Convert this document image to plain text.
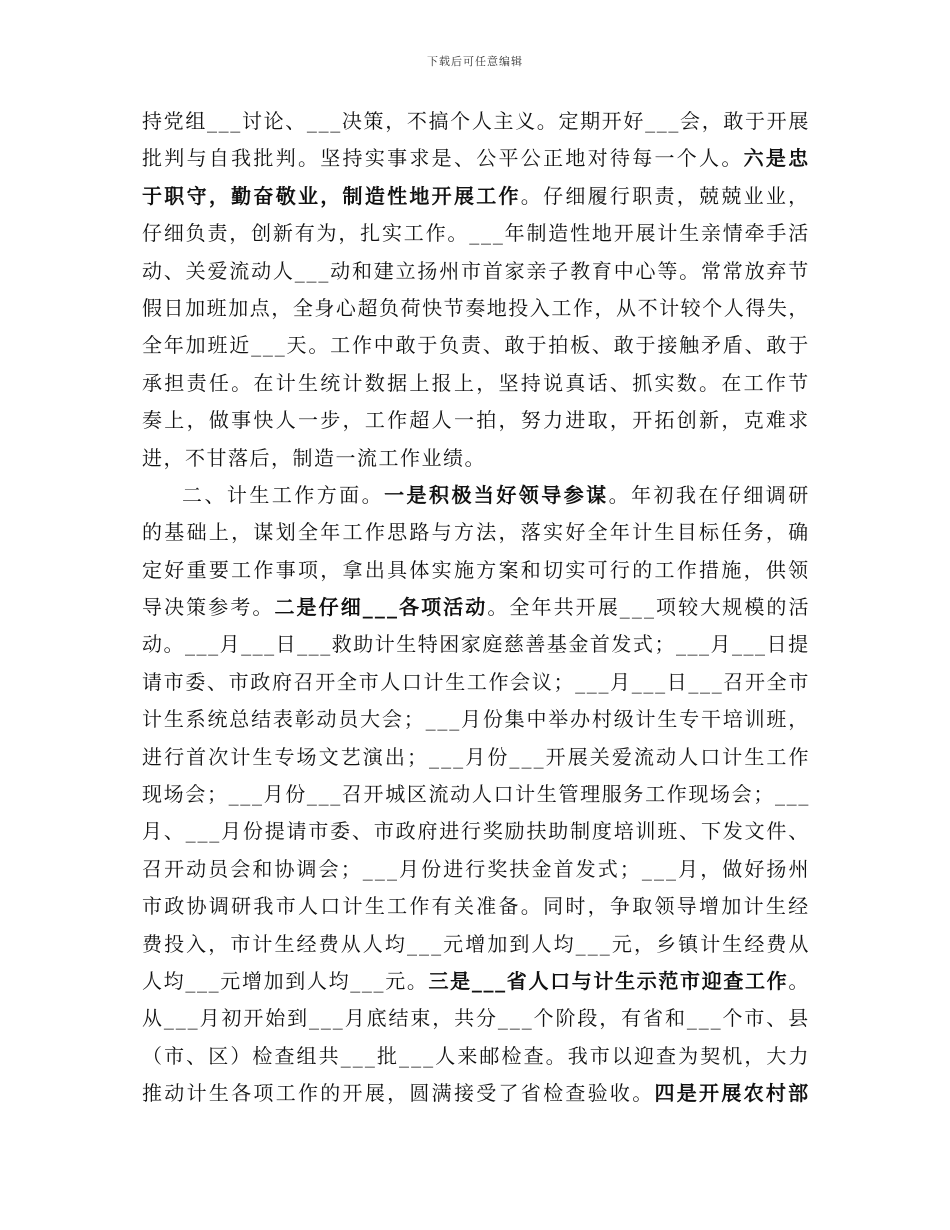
下载后可任意编辑
持 党 组 _ _ _ 讨 论 、 _ _ _ 决 策 ， 不 搞 个 人 主 义 。 定 期 开 好 _ _ _ 会 ， 敢 于 开 展
批 判 与 自 我 批 判 。 坚 持 实 事 求 是 、 公 平 公 正 地 对 待 每 一 个 人 。 六 是 忠
于 职 守 ， 勤 奋 敬 业 ， 制 造 性 地 开 展 工 作 。 仔 细 履 行 职 责 ， 兢 兢 业 业 ，
仔 细 负 责 ， 创 新 有 为 ， 扎 实 工 作 。 _ _ _ 年 制 造 性 地 开 展 计 生 亲 情 牵 手 活
动 、 关 爱 流 动 人 _ _ _ 动 和 建 立 扬 州 市 首 家 亲 子 教 育 中 心 等 。 常 常 放 弃 节
假 日 加 班 加 点 ， 全 身 心 超 负 荷 快 节 奏 地 投 入 工 作 ， 从 不 计 较 个 人 得 失 ，
全 年 加 班 近 _ _ _ 天 。 工 作 中 敢 于 负 责 、 敢 于 拍 板 、 敢 于 接 触 矛 盾 、 敢 于
承 担 责 任 。 在 计 生 统 计 数 据 上 报 上 ， 坚 持 说 真 话 、 抓 实 数 。 在 工 作 节
奏 上 ， 做 事 快 人 一 步 ， 工 作 超 人 一 拍 ， 努 力 进 取 ， 开 拓 创 新 ， 克 难 求
进 ， 不 甘 落 后 ， 制 造 一 流 工 作 业 绩 。
二 、 计 生 工 作 方 面 。 一 是 积 极 当 好 领 导 参 谋 。 年 初 我 在 仔 细 调 研
的 基 础 上 ， 谋 划 全 年 工 作 思 路 与 方 法 ， 落 实 好 全 年 计 生 目 标 任 务 ， 确
定 好 重 要 工 作 事 项 ， 拿 出 具 体 实 施 方 案 和 切 实 可 行 的 工 作 措 施 ， 供 领
导 决 策 参 考 。 二 是 仔 细 _ _ _ 各 项 活 动 。 全 年 共 开 展 _ _ _ 项 较 大 规 模 的 活
动 。 _ _ _ 月 _ _ _ 日 _ _ _ 救 助 计 生 特 困 家 庭 慈 善 基 金 首 发 式 ； _ _ _ 月 _ _ _ 日 提
请 市 委 、 市 政 府 召 开 全 市 人 口 计 生 工 作 会 议 ； _ _ _ 月 _ _ _ 日 _ _ _ 召 开 全 市
计 生 系 统 总 结 表 彰 动 员 大 会 ； _ _ _ 月 份 集 中 举 办 村 级 计 生 专 干 培 训 班 ，
进 行 首 次 计 生 专 场 文 艺 演 出 ； _ _ _ 月 份 _ _ _ 开 展 关 爱 流 动 人 口 计 生 工 作
现 场 会 ； _ _ _ 月 份 _ _ _ 召 开 城 区 流 动 人 口 计 生 管 理 服 务 工 作 现 场 会 ； _ _ _
月 、 _ _ _ 月 份 提 请 市 委 、 市 政 府 进 行 奖 励 扶 助 制 度 培 训 班 、 下 发 文 件 、
召 开 动 员 会 和 协 调 会 ； _ _ _ 月 份 进 行 奖 扶 金 首 发 式 ； _ _ _ 月 ， 做 好 扬 州
市 政 协 调 研 我 市 人 口 计 生 工 作 有 关 准 备 。 同 时 ， 争 取 领 导 增 加 计 生 经
费 投 入 ， 市 计 生 经 费 从 人 均 _ _ _ 元 增 加 到 人 均 _ _ _ 元 ， 乡 镇 计 生 经 费 从
人 均 _ _ _ 元 增 加 到 人 均 _ _ _ 元 。 三 是 _ _ _ 省 人 口 与 计 生 示 范 市 迎 查 工 作 。
从 _ _ _ 月 初 开 始 到 _ _ _ 月 底 结 束 ， 共 分 _ _ _ 个 阶 段 ， 有 省 和 _ _ _ 个 市 、 县
（ 市 、 区 ） 检 查 组 共 _ _ _ 批 _ _ _ 人 来 邮 检 查 。 我 市 以 迎 查 为 契 机 ， 大 力
推 动 计 生 各 项 工 作 的 开 展 ， 圆 满 接 受 了 省 检 查 验 收 。 四 是 开 展 农 村 部
